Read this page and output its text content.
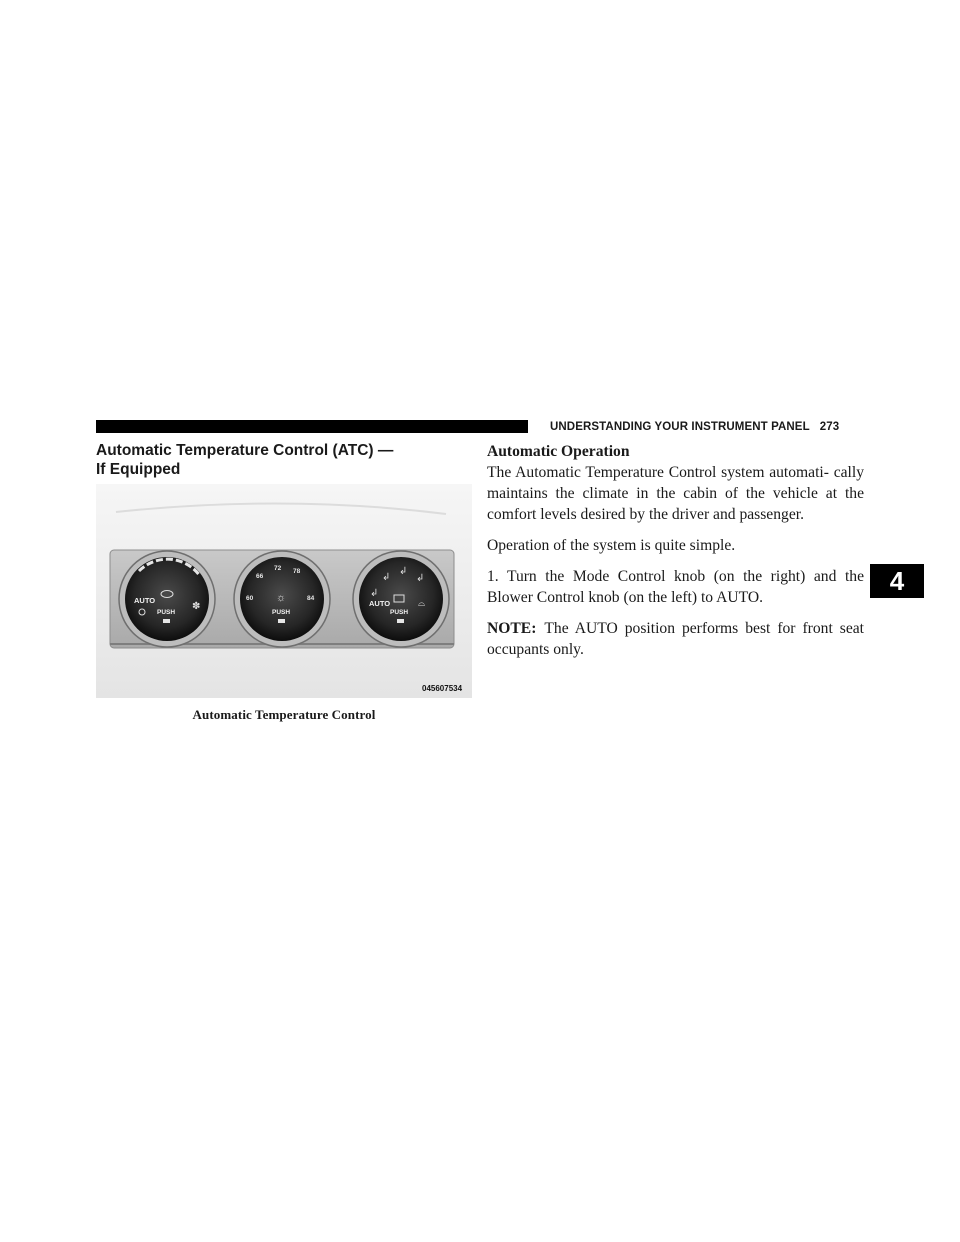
UNDERSTANDING YOUR INSTRUMENT PANEL 273
4
Automatic Temperature Control (ATC) —
If Equipped
AUTO
✽
PUSH
72
66
78
60	84
☼
PUSH
↲
↲
↲
↲
AUTO	⌓
PUSH
045607534
Automatic Temperature Control
Automatic Operation

The Automatic Temperature Control system automati- cally maintains the climate in the cabin of the vehicle at the comfort levels desired by the driver and passenger.

Operation of the system is quite simple.

1. Turn the Mode Control knob (on the right) and the Blower Control knob (on the left) to AUTO.

NOTE: The AUTO position performs best for front seat occupants only.
